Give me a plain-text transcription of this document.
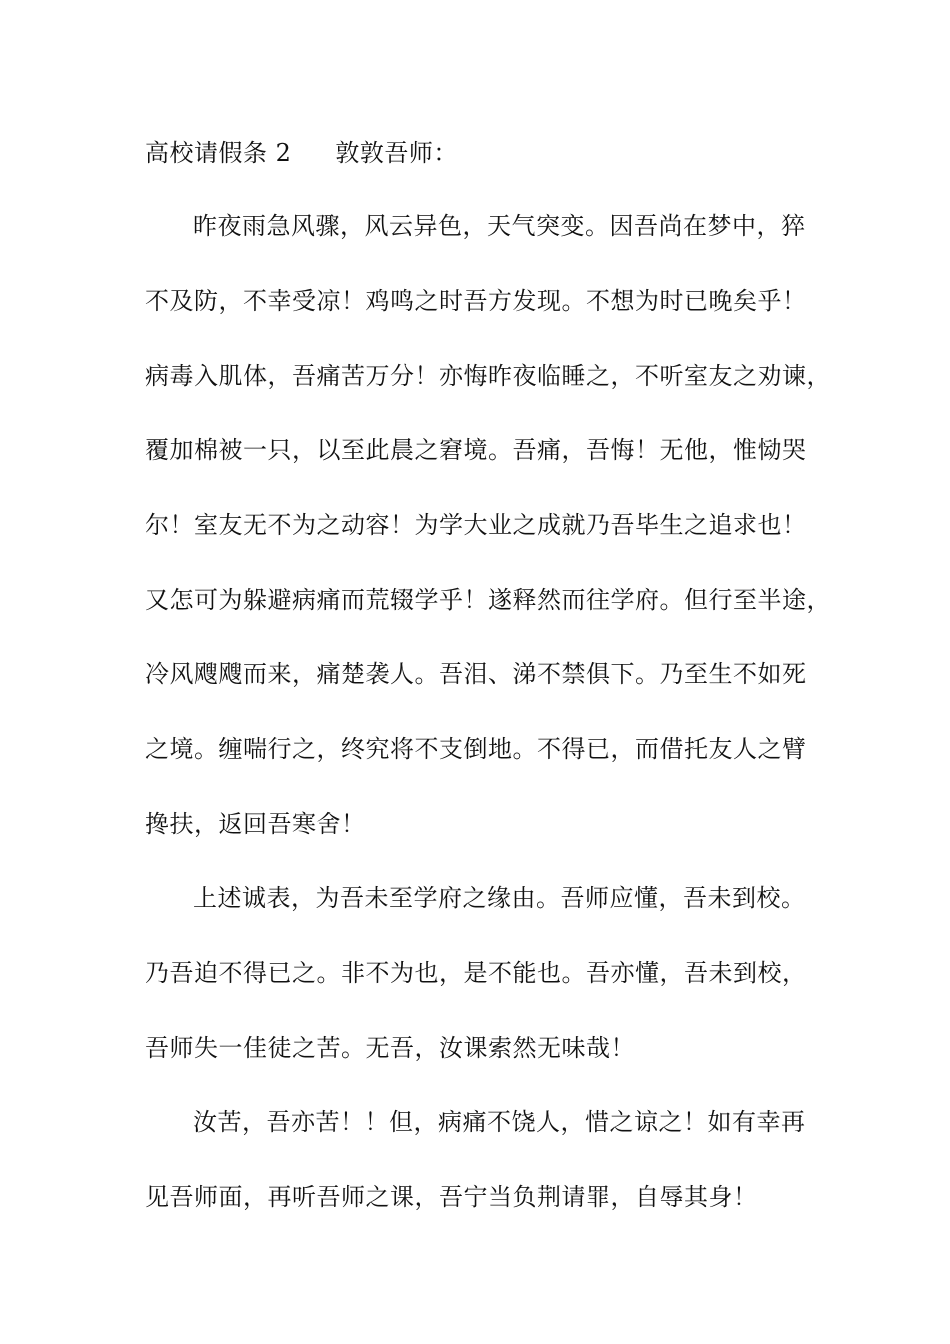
高校请假条 2 敦敦吾师：
昨夜雨急风骤，风云异色，天气突变。因吾尚在梦中，猝
不及防，不幸受凉！鸡鸣之时吾方发现。不想为时已晚矣乎！
病毒入肌体，吾痛苦万分！亦悔昨夜临睡之，不听室友之劝谏，
覆加棉被一只，以至此晨之窘境。吾痛，吾悔！无他，惟恸哭
尔！室友无不为之动容！为学大业之成就乃吾毕生之追求也！
又怎可为躲避病痛而荒辍学乎！遂释然而往学府。但行至半途，
冷风飕飕而来，痛楚袭人。吾泪、涕不禁俱下。乃至生不如死
之境。缠喘行之，终究将不支倒地。不得已，而借托友人之臂
搀扶，返回吾寒舍！
上述诚表，为吾未至学府之缘由。吾师应懂，吾未到校。
乃吾迫不得已之。非不为也，是不能也。吾亦懂，吾未到校，
吾师失一佳徒之苦。无吾，汝课索然无味哉！
汝苦，吾亦苦！！但，病痛不饶人，惜之谅之！如有幸再
见吾师面，再听吾师之课，吾宁当负荆请罪，自辱其身！
